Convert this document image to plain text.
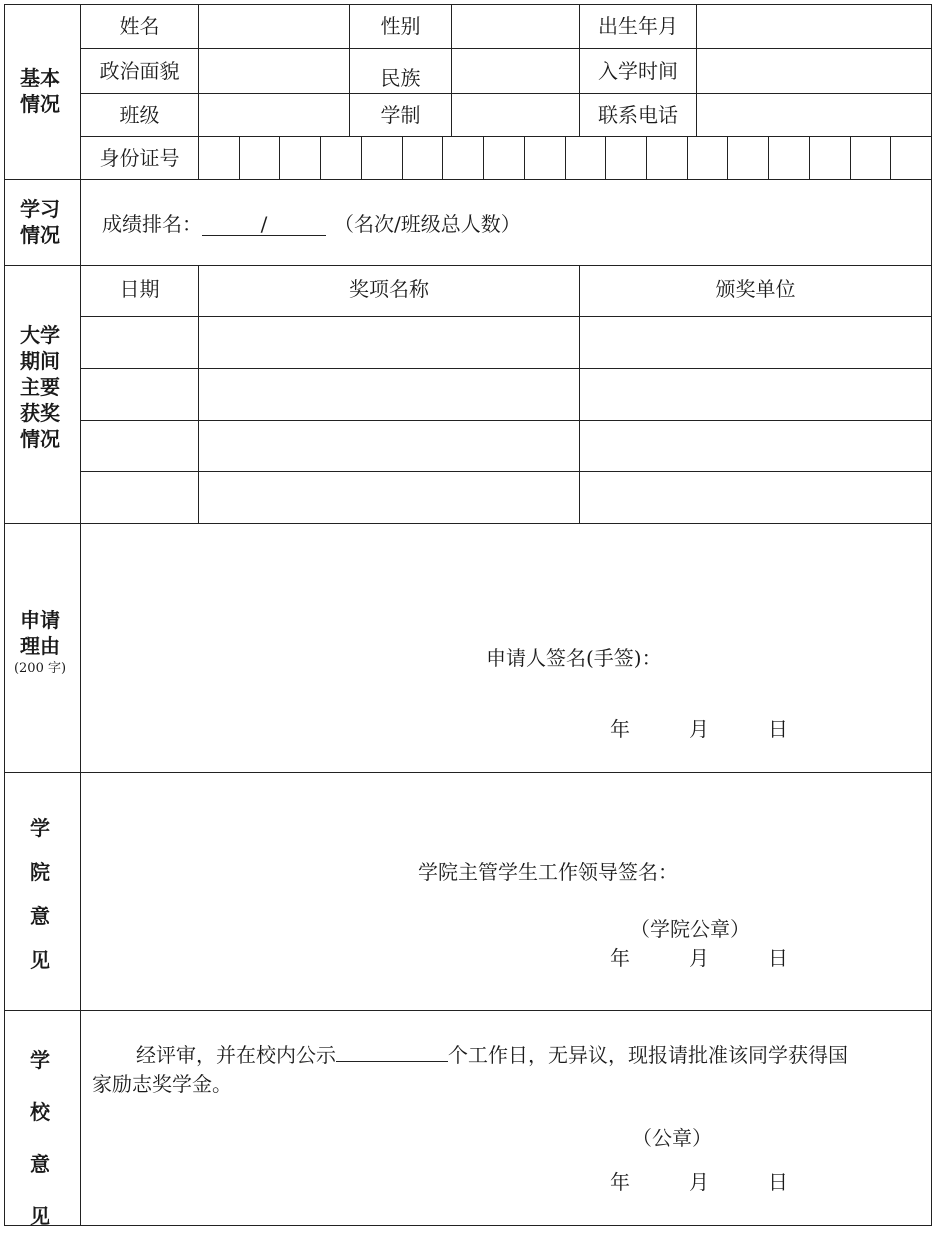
基本
情况
姓名	性别	出生年月
政治面貌	民族	入学时间
班级	学制	联系电话
身份证号
学习
情况	成绩排名：	/	（名次/班级总人数）
大学
期间
主要
获奖
情况
日期	奖项名称	颁奖单位
申请
理由
(200 字)	申请人签名(手签)：
年	月	日
学
院
意
见
学院主管学生工作领导签名：
（学院公章）
年	月	日
学
校
意
见
经评审，并在校内公示	个工作日，无异议，现报请批准该同学获得国
家励志奖学金。
（公章）
年	月	日
